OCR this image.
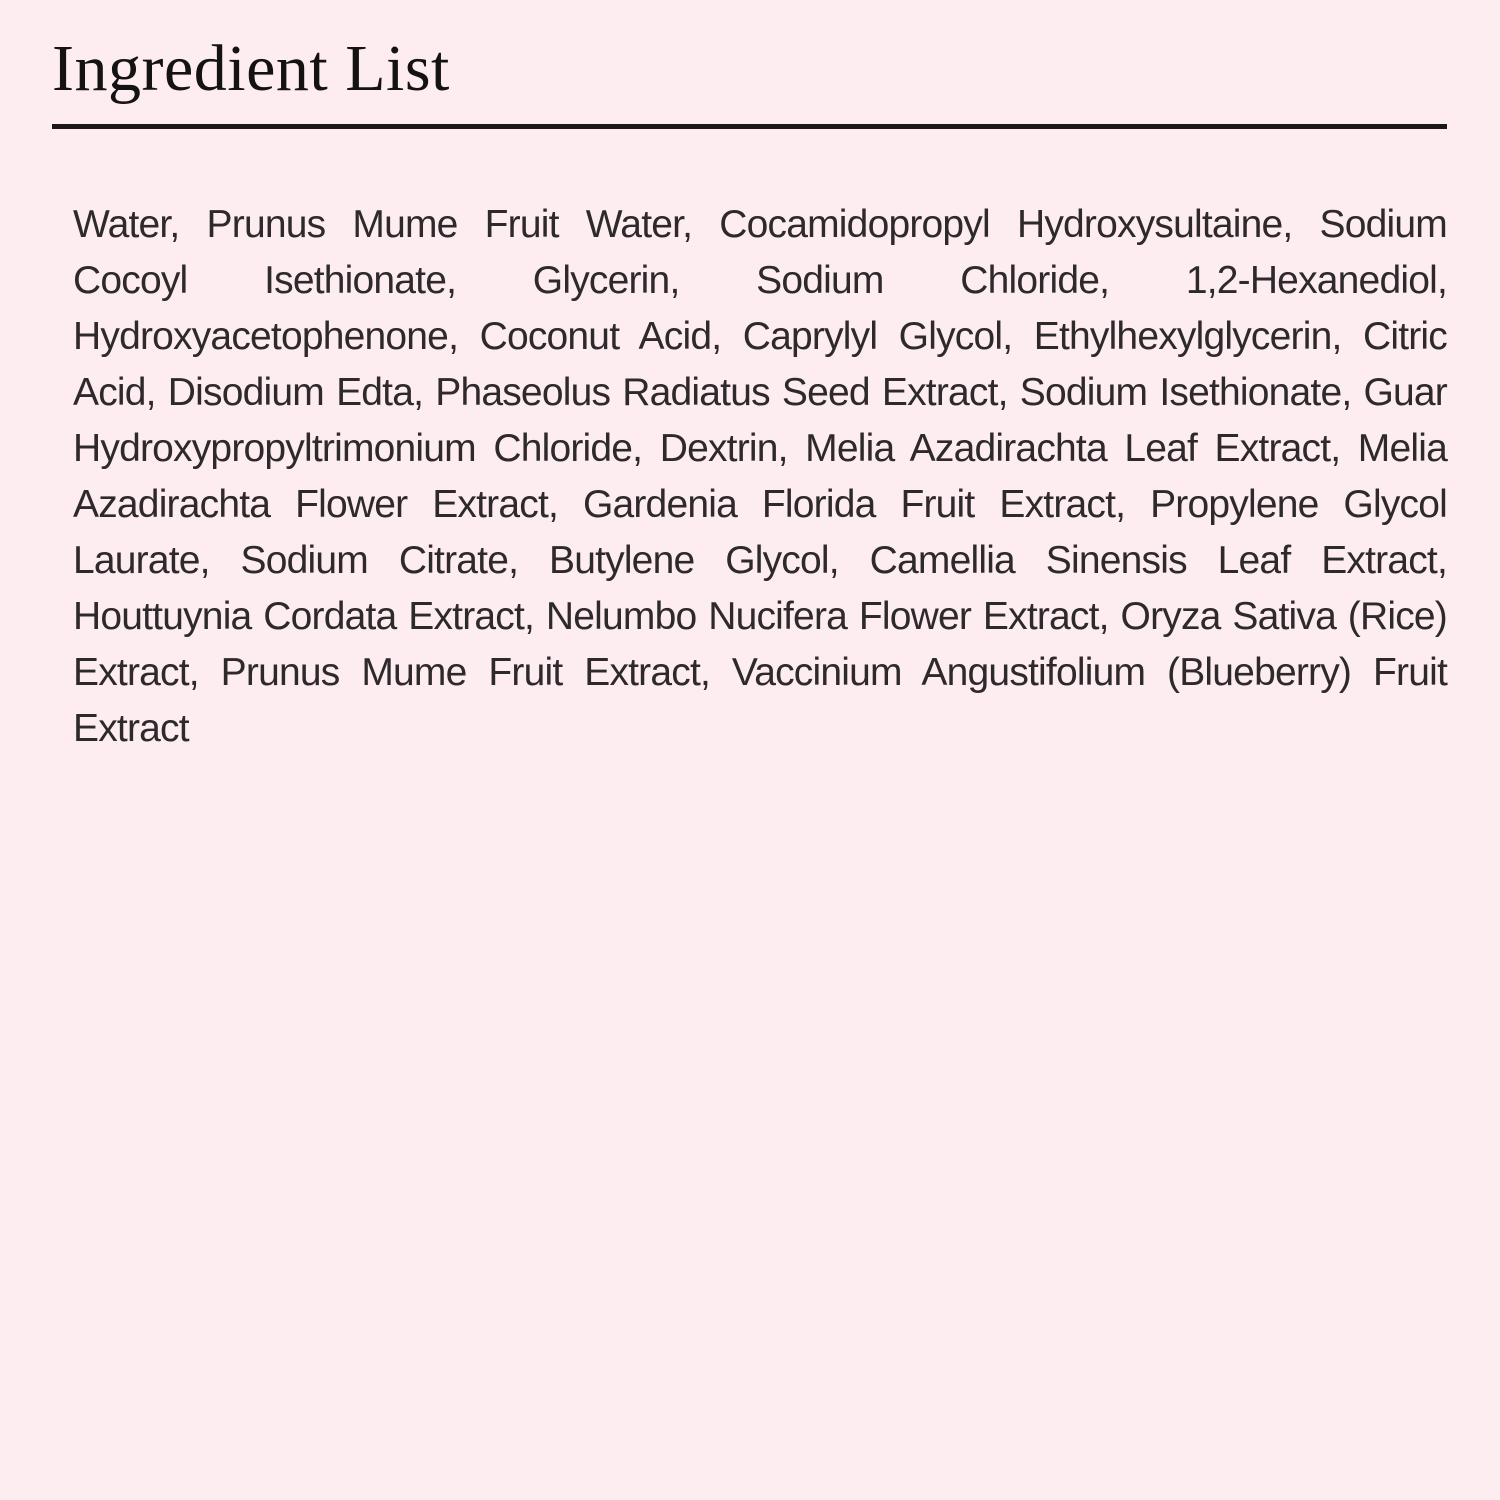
Ingredient List

Water, Prunus Mume Fruit Water, Cocamidopropyl Hydroxysultaine, Sodium Cocoyl Isethionate, Glycerin, Sodium Chloride, 1,2-Hexanediol, Hydroxyacetophenone, Coconut Acid, Caprylyl Glycol, Ethylhexylglycerin, Citric Acid, Disodium Edta, Phaseolus Radiatus Seed Extract, Sodium Isethionate, Guar Hydroxypropyltrimonium Chloride, Dextrin, Melia Azadirachta Leaf Extract, Melia Azadirachta Flower Extract, Gardenia Florida Fruit Extract, Propylene Glycol Laurate, Sodium Citrate, Butylene Glycol, Camellia Sinensis Leaf Extract, Houttuynia Cordata Extract, Nelumbo Nucifera Flower Extract, Oryza Sativa (Rice) Extract, Prunus Mume Fruit Extract, Vaccinium Angustifolium (Blueberry) Fruit Extract
